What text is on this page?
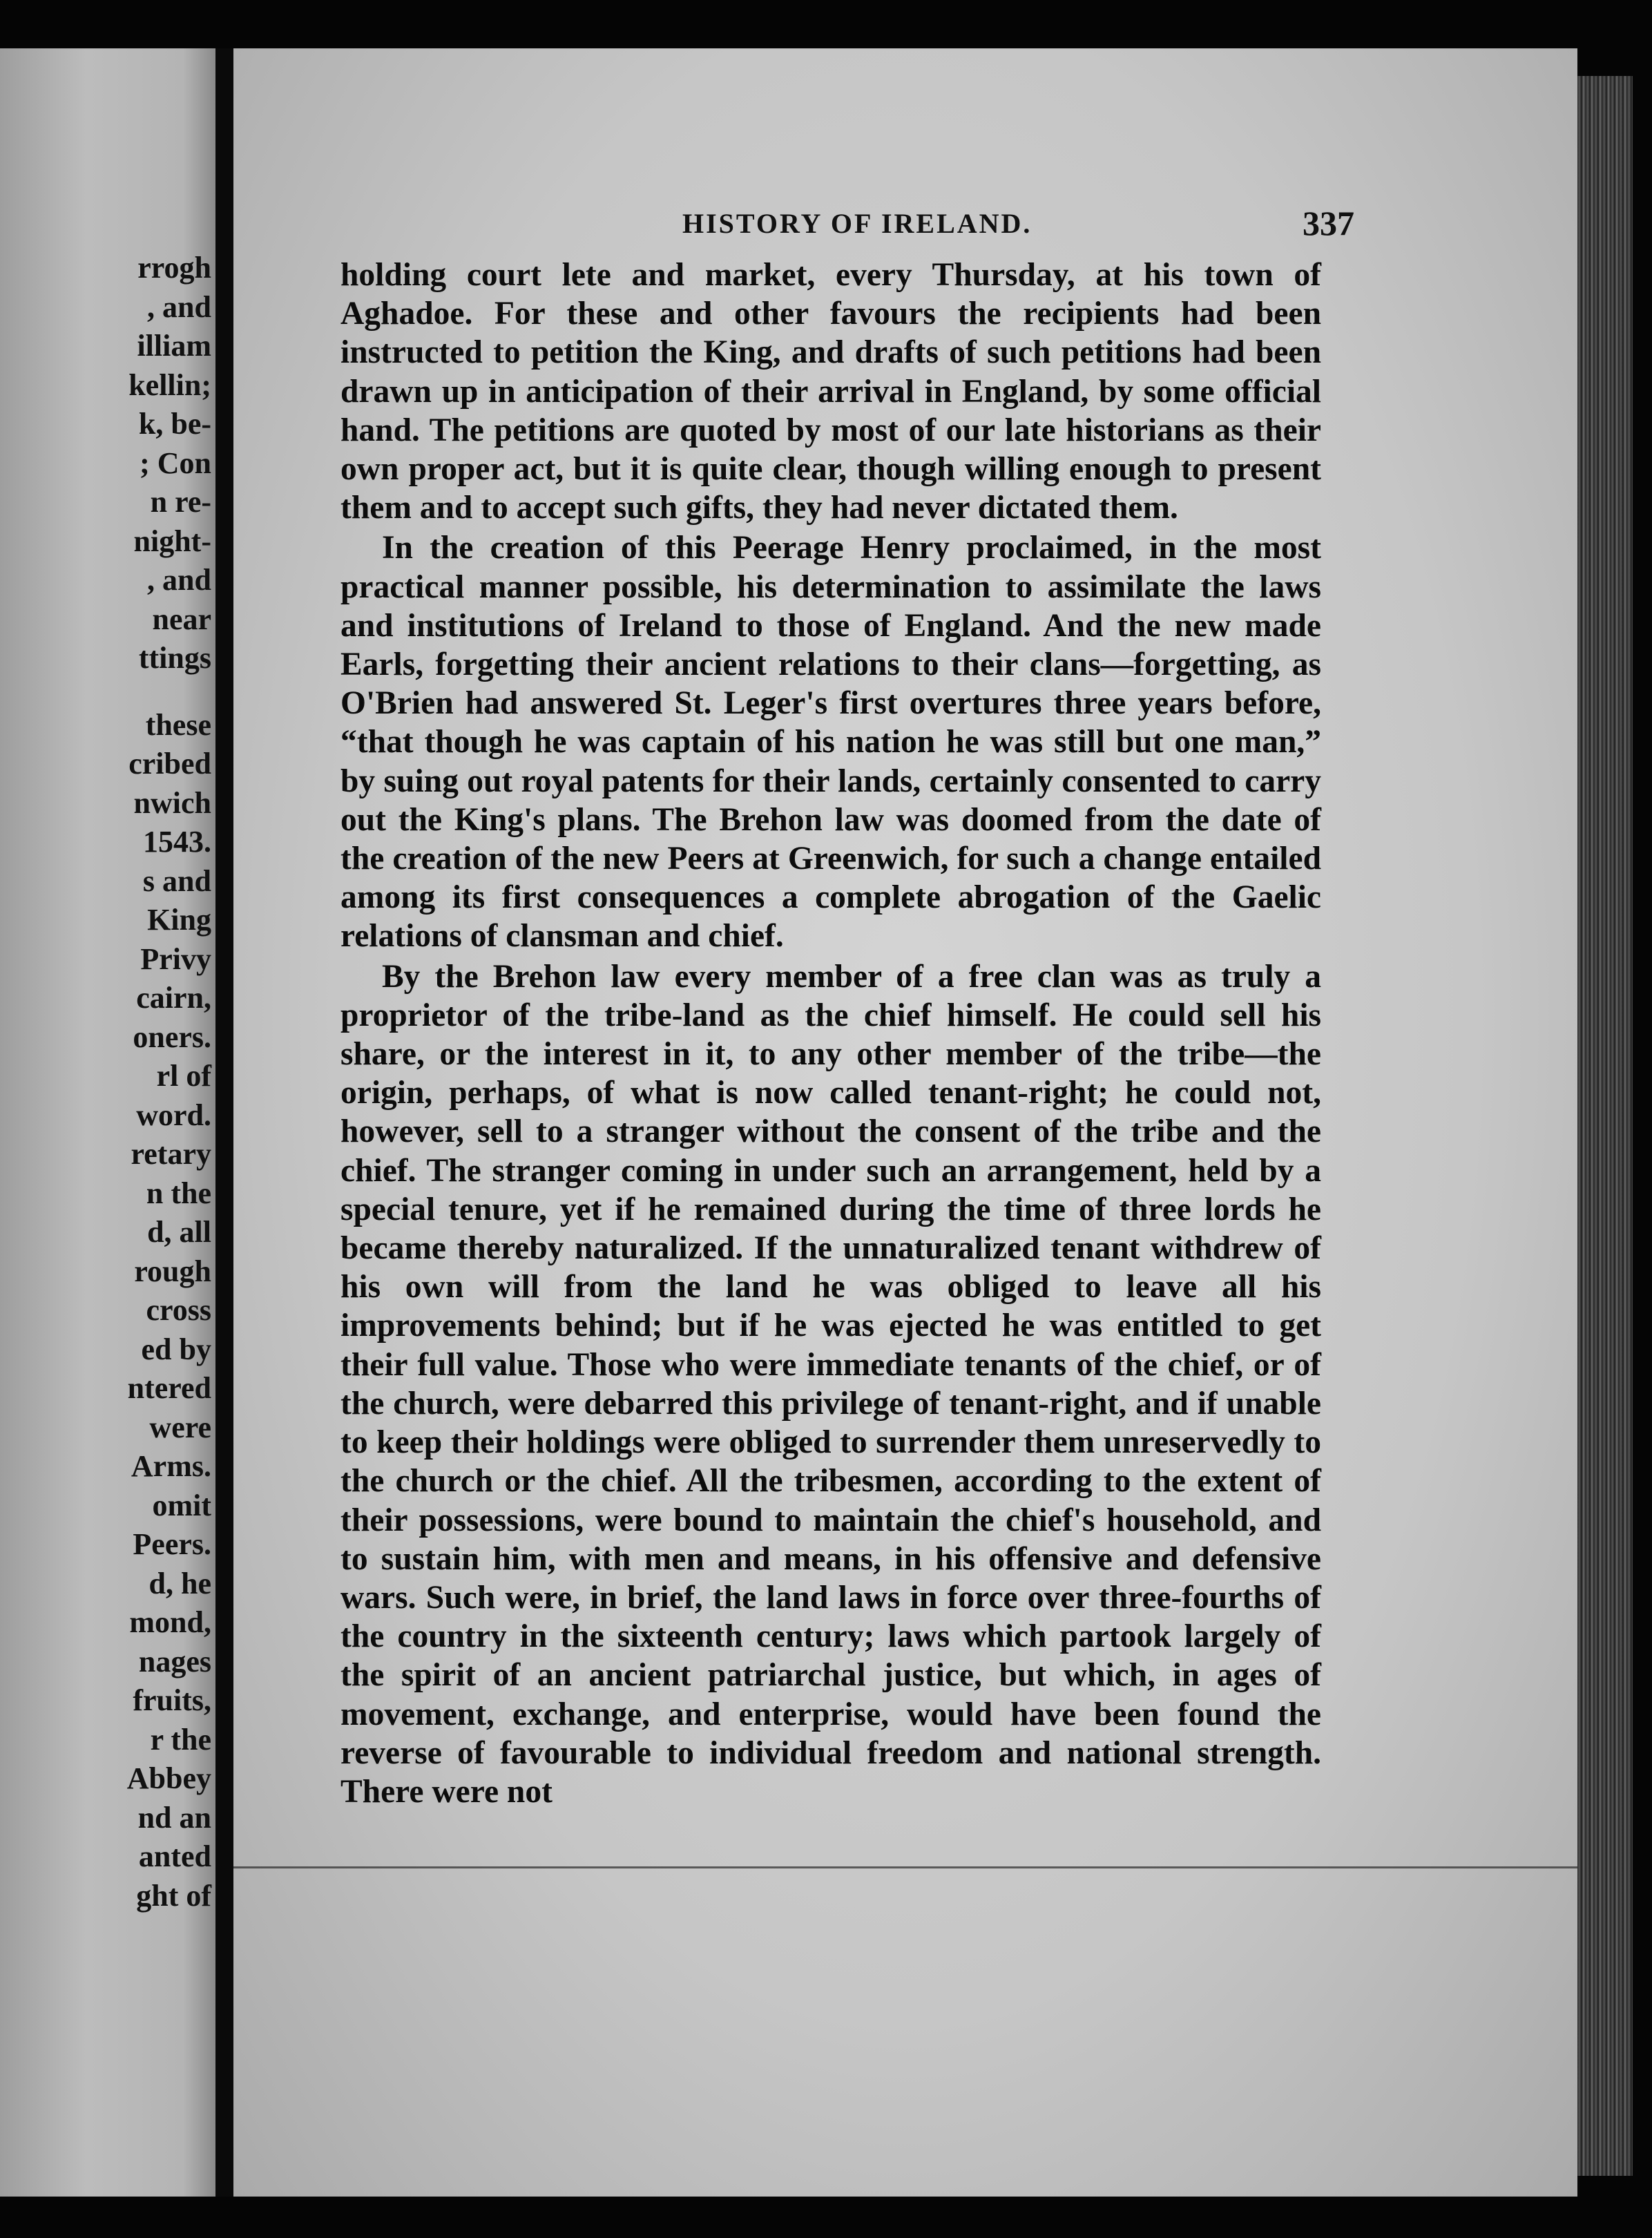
rrogh
, and
illiam
kellin;
k, be-
; Con
n re-
night-
, and
near
ttings
these
cribed
nwich
1543.
s and
King
Privy
cairn,
oners.
rl of
word.
retary
n the
d, all
rough
cross
ed by
ntered
were
Arms.
omit
Peers.
d, he
mond,
nages
fruits,
r the
Abbey
nd an
anted
ght of
HISTORY OF IRELAND.	337

holding court lete and market, every Thursday, at his town of Aghadoe. For these and other favours the recipients had been instructed to petition the King, and drafts of such petitions had been drawn up in anticipation of their arrival in England, by some official hand. The petitions are quoted by most of our late historians as their own proper act, but it is quite clear, though willing enough to present them and to accept such gifts, they had never dictated them.

In the creation of this Peerage Henry proclaimed, in the most practical manner possible, his determination to assimilate the laws and institutions of Ireland to those of England. And the new made Earls, forgetting their ancient relations to their clans—forgetting, as O'Brien had answered St. Leger's first overtures three years before, “that though he was captain of his nation he was still but one man,” by suing out royal patents for their lands, certainly consented to carry out the King's plans. The Brehon law was doomed from the date of the creation of the new Peers at Greenwich, for such a change entailed among its first consequences a complete abrogation of the Gaelic relations of clansman and chief.

By the Brehon law every member of a free clan was as truly a proprietor of the tribe-land as the chief himself. He could sell his share, or the interest in it, to any other member of the tribe—the origin, perhaps, of what is now called tenant-right; he could not, however, sell to a stranger without the consent of the tribe and the chief. The stranger coming in under such an arrangement, held by a special tenure, yet if he remained during the time of three lords he became thereby naturalized. If the unnaturalized tenant withdrew of his own will from the land he was obliged to leave all his improvements behind; but if he was ejected he was entitled to get their full value. Those who were immediate tenants of the chief, or of the church, were debarred this privilege of tenant-right, and if unable to keep their holdings were obliged to surrender them unreservedly to the church or the chief. All the tribesmen, according to the extent of their possessions, were bound to maintain the chief's household, and to sustain him, with men and means, in his offensive and defensive wars. Such were, in brief, the land laws in force over three-fourths of the country in the sixteenth century; laws which partook largely of the spirit of an ancient patriarchal justice, but which, in ages of movement, exchange, and enterprise, would have been found the reverse of favourable to individual freedom and national strength. There were not
